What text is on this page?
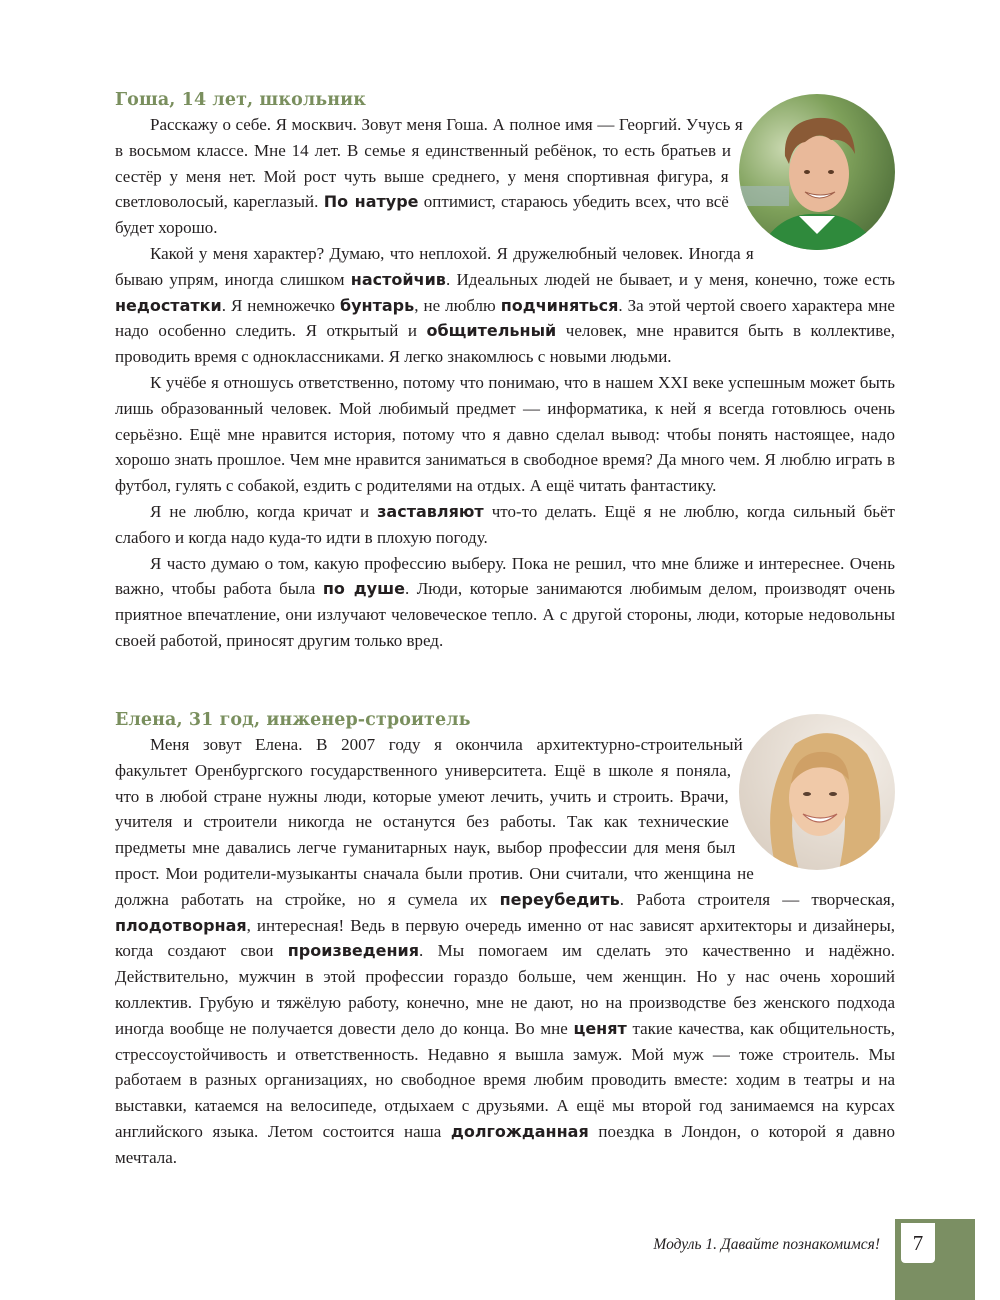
Гоша, 14 лет, школьник

Расскажу о себе. Я москвич. Зовут меня Гоша. А полное имя — Георгий. Учусь я в восьмом классе. Мне 14 лет. В семье я единственный ребёнок, то есть братьев и сестёр у меня нет. Мой рост чуть выше среднего, у меня спортивная фигура, я светловолосый, кареглазый. По натуре оптимист, стараюсь убедить всех, что всё будет хорошо.

Какой у меня характер? Думаю, что неплохой. Я дружелюбный человек. Иногда я бываю упрям, иногда слишком настойчив. Идеальных людей не бывает, и у меня, конечно, тоже есть недостатки. Я немножечко бунтарь, не люблю подчиняться. За этой чертой своего характера мне надо особенно следить. Я открытый и общительный человек, мне нравится быть в коллективе, проводить время с одноклассниками. Я легко знакомлюсь с новыми людьми.

К учёбе я отношусь ответственно, потому что понимаю, что в нашем XXI веке успешным может быть лишь образованный человек. Мой любимый предмет — информатика, к ней я всегда готовлюсь очень серьёзно. Ещё мне нравится история, потому что я давно сделал вывод: чтобы понять настоящее, надо хорошо знать прошлое. Чем мне нравится заниматься в свободное время? Да много чем. Я люблю играть в футбол, гулять с собакой, ездить с родителями на отдых. А ещё читать фантастику.

Я не люблю, когда кричат и заставляют что-то делать. Ещё я не люблю, когда сильный бьёт слабого и когда надо куда-то идти в плохую погоду.

Я часто думаю о том, какую профессию выберу. Пока не решил, что мне ближе и интереснее. Очень важно, чтобы работа была по душе. Люди, которые занимаются любимым делом, производят очень приятное впечатление, они излучают человеческое тепло. А с другой стороны, люди, которые недовольны своей работой, приносят другим только вред.

Елена, 31 год, инженер-строитель

Меня зовут Елена. В 2007 году я окончила архитектурно-строительный факультет Оренбургского государственного университета. Ещё в школе я поняла, что в любой стране нужны люди, которые умеют лечить, учить и строить. Врачи, учителя и строители никогда не останутся без работы. Так как технические предметы мне давались легче гуманитарных наук, выбор профессии для меня был прост. Мои родители-музыканты сначала были против. Они считали, что женщина не должна работать на стройке, но я сумела их переубедить. Работа строителя — творческая, плодотворная, интересная! Ведь в первую очередь именно от нас зависят архитекторы и дизайнеры, когда создают свои произведения. Мы помогаем им сделать это качественно и надёжно. Действительно, мужчин в этой профессии гораздо больше, чем женщин. Но у нас очень хороший коллектив. Грубую и тяжёлую работу, конечно, мне не дают, но на производстве без женского подхода иногда вообще не получается довести дело до конца. Во мне ценят такие качества, как общительность, стрессоустойчивость и ответственность. Недавно я вышла замуж. Мой муж — тоже строитель. Мы работаем в разных организациях, но свободное время любим проводить вместе: ходим в театры и на выставки, катаемся на велосипеде, отдыхаем с друзьями. А ещё мы второй год занимаемся на курсах английского языка. Летом состоится наша долгожданная поездка в Лондон, о которой я давно мечтала.

Модуль 1. Давайте познакомимся!	7
